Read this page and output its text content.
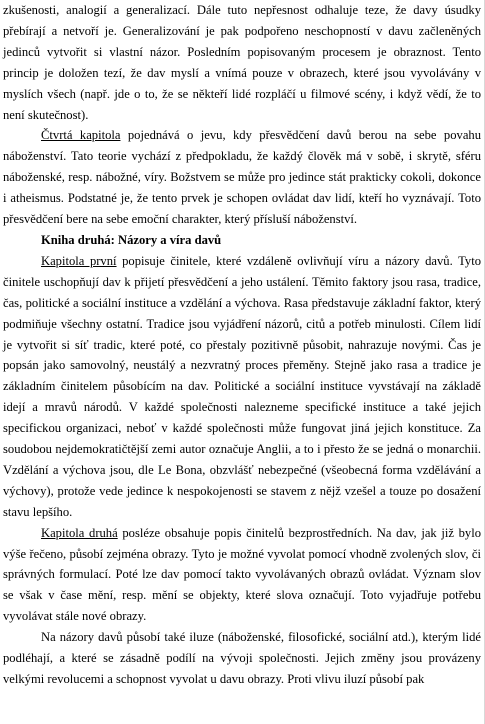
zkušenosti, analogií a generalizací. Dále tuto nepřesnost odhaluje teze, že davy úsudky přebírají a netvoří je. Generalizování je pak podpořeno neschopností v davu začleněných jedinců vytvořit si vlastní názor. Posledním popisovaným procesem je obraznost. Tento princip je doložen tezí, že dav myslí a vnímá pouze v obrazech, které jsou vyvolávány v myslích všech (např. jde o to, že se někteří lidé rozpláčí u filmové scény, i když vědí, že to není skutečnost).

Čtvrtá kapitola pojednává o jevu, kdy přesvědčení davů berou na sebe povahu náboženství. Tato teorie vychází z předpokladu, že každý člověk má v sobě, i skrytě, sféru náboženské, resp. nábožné, víry. Božstvem se může pro jedince stát prakticky cokoli, dokonce i atheismus. Podstatné je, že tento prvek je schopen ovládat dav lidí, kteří ho vyznávají. Toto přesvědčení bere na sebe emoční charakter, který přísluší náboženství.

Kniha druhá: Názory a víra davů

Kapitola první popisuje činitele, které vzdáleně ovlivňují víru a názory davů. Tyto činitele uschopňují dav k přijetí přesvědčení a jeho ustálení. Těmito faktory jsou rasa, tradice, čas, politické a sociální instituce a vzdělání a výchova. Rasa představuje základní faktor, který podmiňuje všechny ostatní. Tradice jsou vyjádření názorů, citů a potřeb minulosti. Cílem lidí je vytvořit si síť tradic, které poté, co přestaly pozitivně působit, nahrazuje novými. Čas je popsán jako samovolný, neustálý a nezvratný proces přeměny. Stejně jako rasa a tradice je základním činitelem působícím na dav. Politické a sociální instituce vyvstávají na základě idejí a mravů národů. V každé společnosti nalezneme specifické instituce a také jejich specifickou organizaci, neboť v každé společnosti může fungovat jiná jejich konstituce. Za soudobou nejdemokratičtější zemi autor označuje Anglii, a to i přesto že se jedná o monarchii. Vzdělání a výchova jsou, dle Le Bona, obzvlášť nebezpečné (všeobecná forma vzdělávání a výchovy), protože vede jedince k nespokojenosti se stavem z nějž vzešel a touze po dosažení stavu lepšího.

Kapitola druhá posléze obsahuje popis činitelů bezprostředních. Na dav, jak již bylo výše řečeno, působí zejména obrazy. Tyto je možné vyvolat pomocí vhodně zvolených slov, či správných formulací. Poté lze dav pomocí takto vyvolávaných obrazů ovládat. Význam slov se však v čase mění, resp. mění se objekty, které slova označují. Toto vyjadřuje potřebu vyvolávat stále nové obrazy.

Na názory davů působí také iluze (náboženské, filosofické, sociální atd.), kterým lidé podléhají, a které se zásadně podílí na vývoji společnosti. Jejich změny jsou provázeny velkými revolucemi a schopnost vyvolat u davu obrazy. Proti vlivu iluzí působí pak
